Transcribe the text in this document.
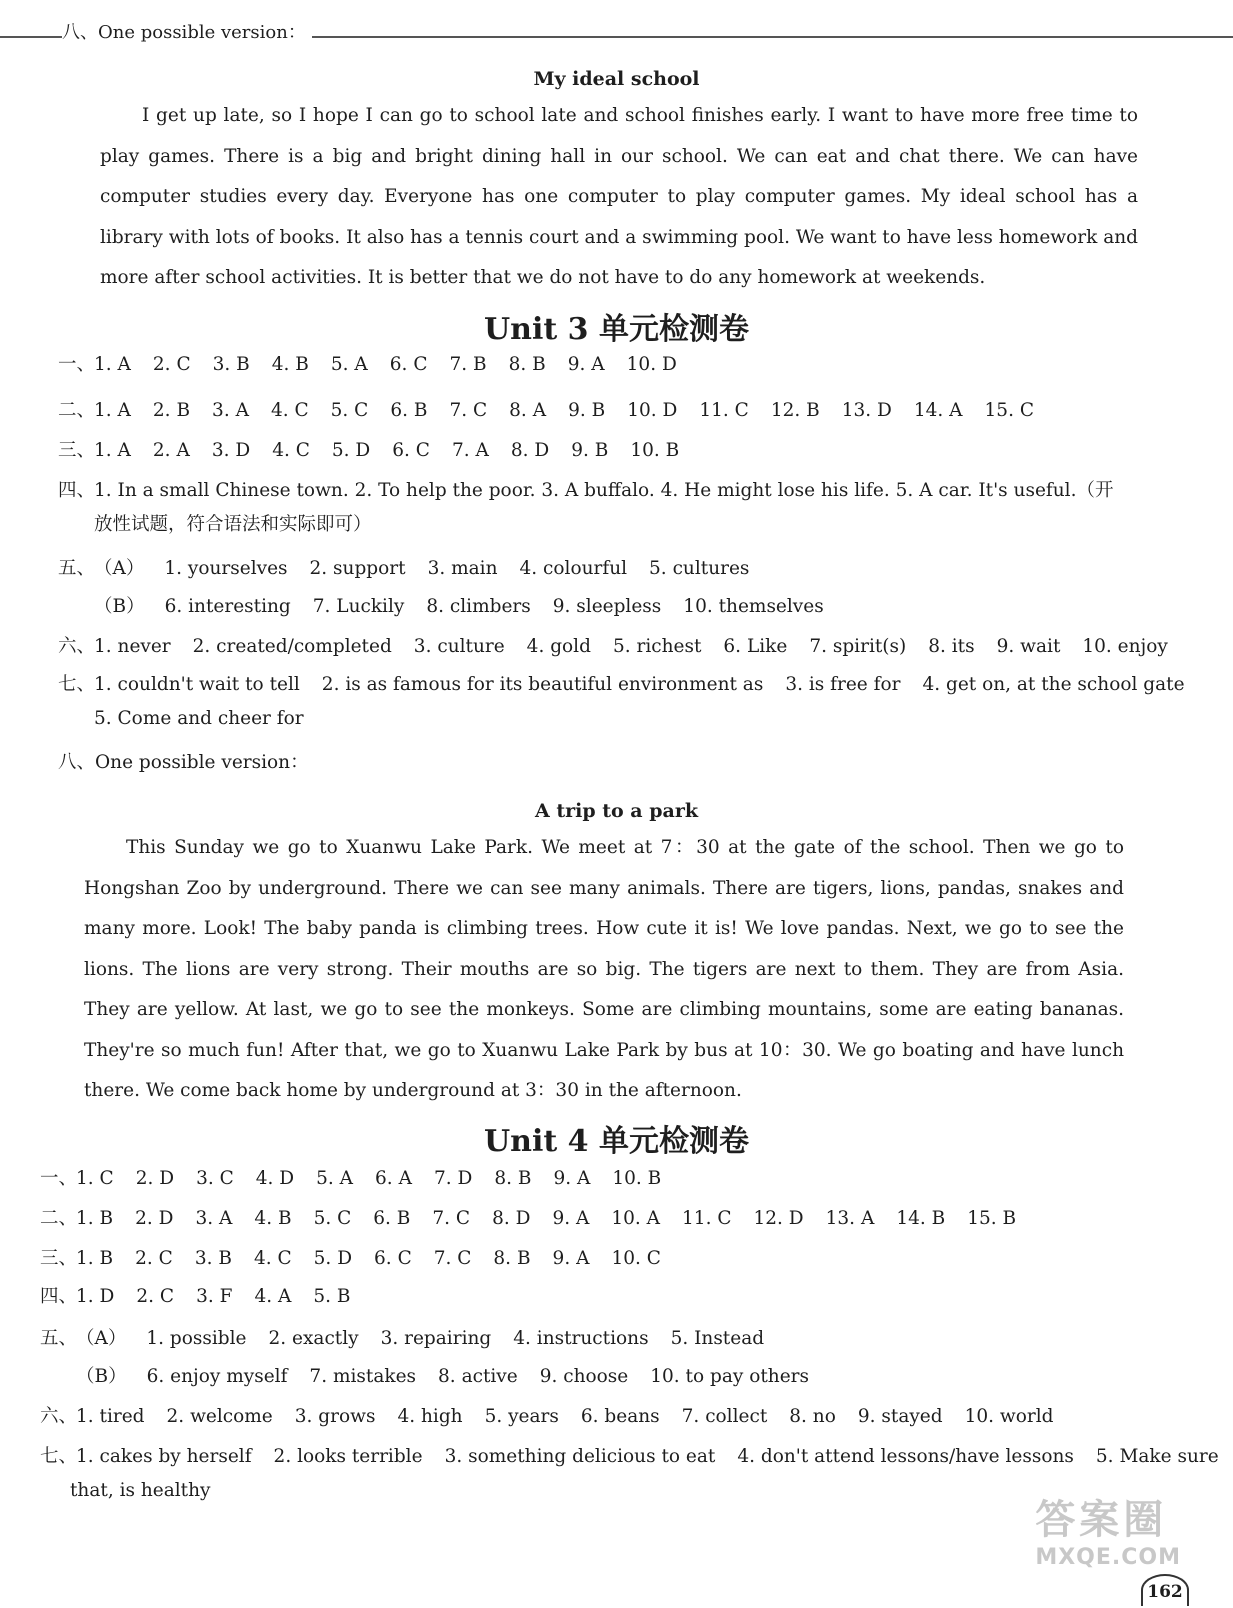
八、One possible version：
My ideal school

I get up late, so I hope I can go to school late and school finishes early. I want to have more free time to play games. There is a big and bright dining hall in our school. We can eat and chat there. We can have computer studies every day. Everyone has one computer to play computer games. My ideal school has a library with lots of books. It also has a tennis court and a swimming pool. We want to have less homework and more after school activities. It is better that we do not have to do any homework at weekends.

Unit 3 单元检测卷
一、1. A 2. C 3. B 4. B 5. A 6. C 7. B 8. B 9. A 10. D
二、1. A 2. B 3. A 4. C 5. C 6. B 7. C 8. A 9. B 10. D 11. C 12. B 13. D 14. A 15. C
三、1. A 2. A 3. D 4. C 5. D 6. C 7. A 8. D 9. B 10. B
四、1. In a small Chinese town. 2. To help the poor. 3. A buffalo. 4. He might lose his life. 5. A car. It's useful.（开
放性试题，符合语法和实际即可）
五、（A） 1. yourselves 2. support 3. main 4. colourful 5. cultures
（B） 6. interesting 7. Luckily 8. climbers 9. sleepless 10. themselves
六、1. never 2. created/completed 3. culture 4. gold 5. richest 6. Like 7. spirit(s) 8. its 9. wait 10. enjoy
七、1. couldn't wait to tell 2. is as famous for its beautiful environment as 3. is free for 4. get on, at the school gate
5. Come and cheer for
八、One possible version：
A trip to a park

This Sunday we go to Xuanwu Lake Park. We meet at 7：30 at the gate of the school. Then we go to Hongshan Zoo by underground. There we can see many animals. There are tigers, lions, pandas, snakes and many more. Look! The baby panda is climbing trees. How cute it is! We love pandas. Next, we go to see the lions. The lions are very strong. Their mouths are so big. The tigers are next to them. They are from Asia. They are yellow. At last, we go to see the monkeys. Some are climbing mountains, some are eating bananas. They're so much fun! After that, we go to Xuanwu Lake Park by bus at 10：30. We go boating and have lunch there. We come back home by underground at 3：30 in the afternoon.

Unit 4 单元检测卷
一、1. C 2. D 3. C 4. D 5. A 6. A 7. D 8. B 9. A 10. B
二、1. B 2. D 3. A 4. B 5. C 6. B 7. C 8. D 9. A 10. A 11. C 12. D 13. A 14. B 15. B
三、1. B 2. C 3. B 4. C 5. D 6. C 7. C 8. B 9. A 10. C
四、1. D 2. C 3. F 4. A 5. B
五、（A） 1. possible 2. exactly 3. repairing 4. instructions 5. Instead
（B） 6. enjoy myself 7. mistakes 8. active 9. choose 10. to pay others
六、1. tired 2. welcome 3. grows 4. high 5. years 6. beans 7. collect 8. no 9. stayed 10. world
七、1. cakes by herself 2. looks terrible 3. something delicious to eat 4. don't attend lessons/have lessons 5. Make sure
that, is healthy
答案圈
MXQE.COM
162
